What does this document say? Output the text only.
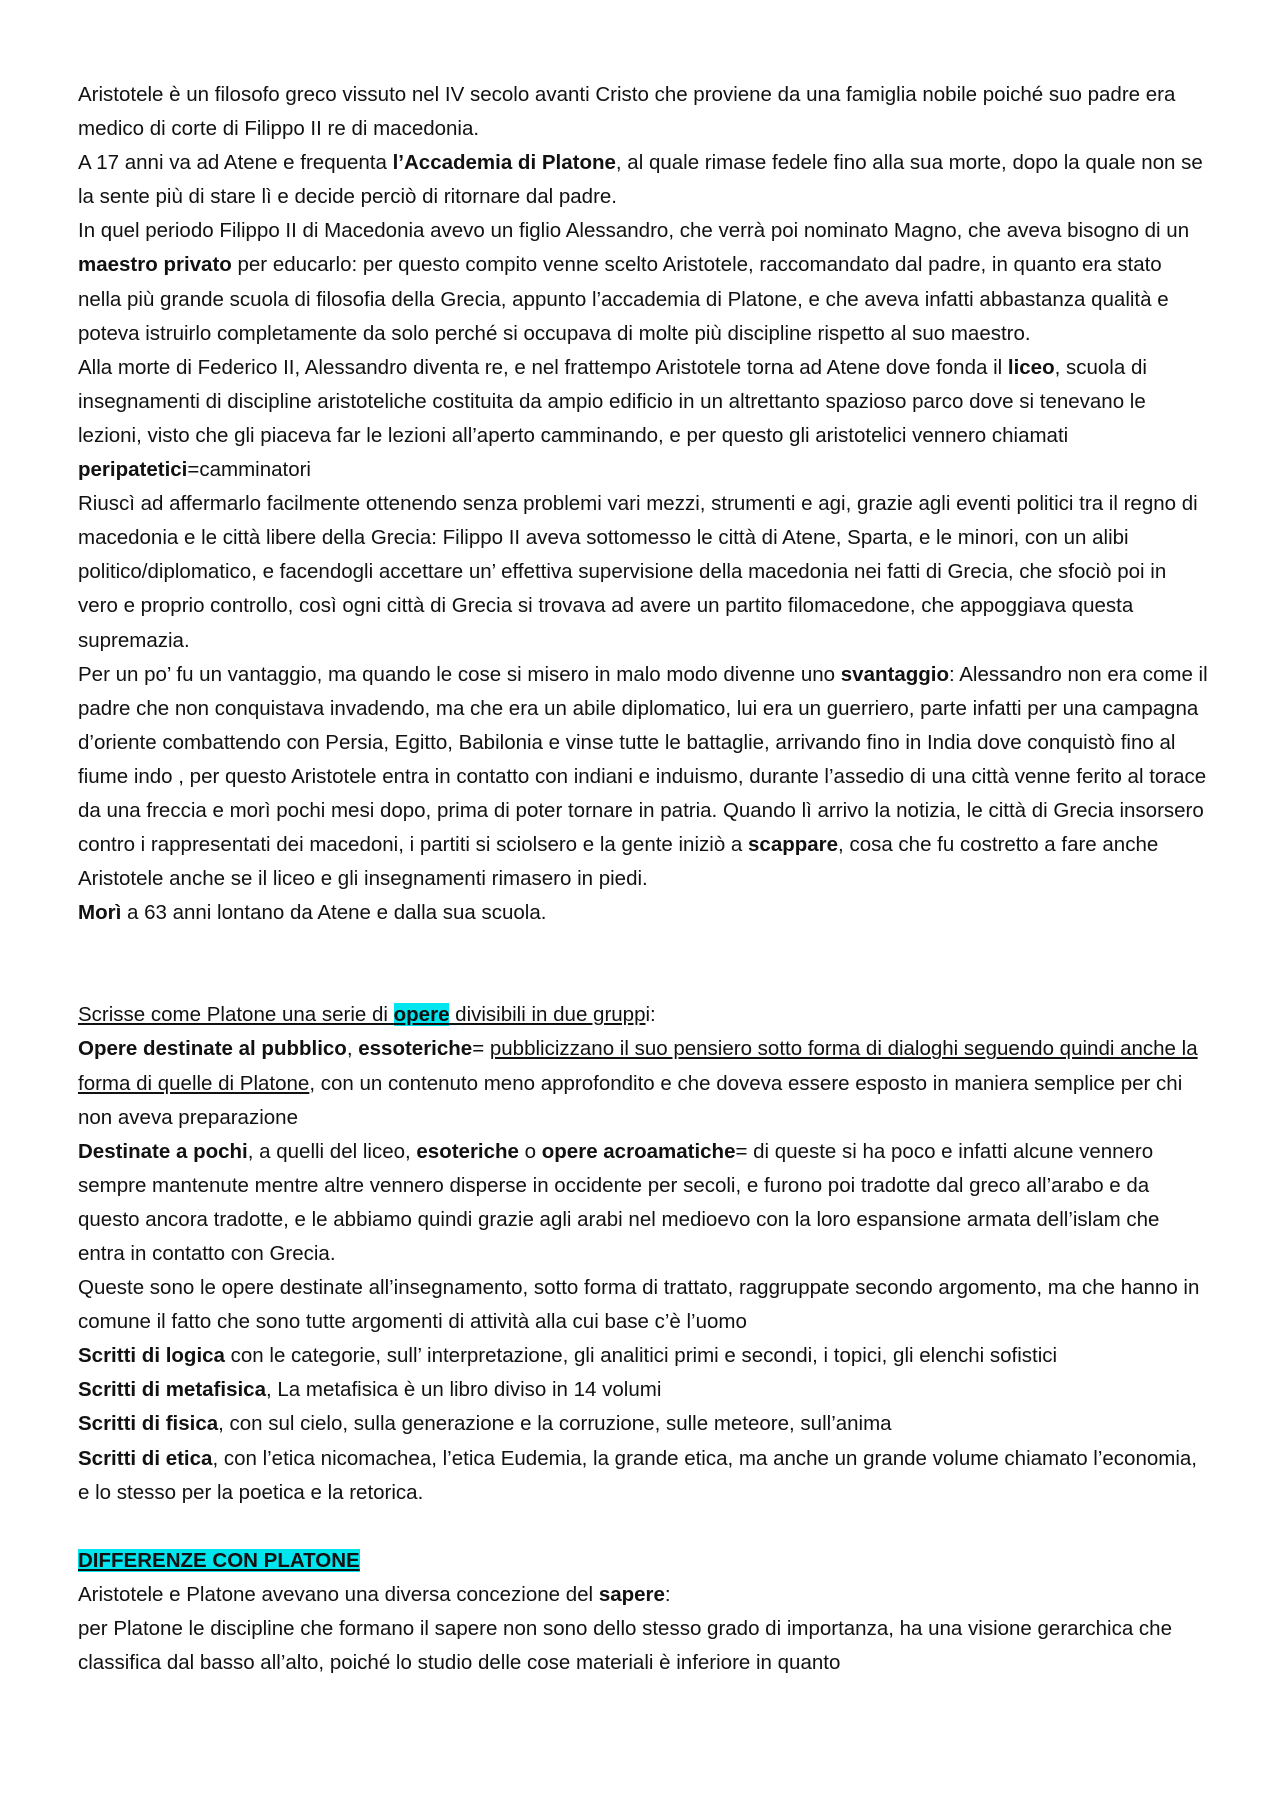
Aristotele è un filosofo greco vissuto nel IV secolo avanti Cristo che proviene da una famiglia nobile poiché suo padre era medico di corte di Filippo II re di macedonia.

A 17 anni va ad Atene e frequenta l’Accademia di Platone, al quale rimase fedele fino alla sua morte, dopo la quale non se la sente più di stare lì e decide perciò di ritornare dal padre.

In quel periodo Filippo II di Macedonia avevo un figlio Alessandro, che verrà poi nominato Magno, che aveva bisogno di un maestro privato per educarlo: per questo compito venne scelto Aristotele, raccomandato dal padre, in quanto era stato nella più grande scuola di filosofia della Grecia, appunto l’accademia di Platone, e che aveva infatti abbastanza qualità e poteva istruirlo completamente da solo perché si occupava di molte più discipline rispetto al suo maestro.

Alla morte di Federico II, Alessandro diventa re, e nel frattempo Aristotele torna ad Atene dove fonda il liceo, scuola di insegnamenti di discipline aristoteliche costituita da ampio edificio in un altrettanto spazioso parco dove si tenevano le lezioni, visto che gli piaceva far le lezioni all’aperto camminando, e per questo gli aristotelici vennero chiamati peripatetici=camminatori

Riuscì ad affermarlo facilmente ottenendo senza problemi vari mezzi, strumenti e agi, grazie agli eventi politici tra il regno di macedonia e le città libere della Grecia: Filippo II aveva sottomesso le città di Atene, Sparta, e le minori, con un alibi politico/diplomatico, e facendogli accettare un’ effettiva supervisione della macedonia nei fatti di Grecia, che sfociò poi in vero e proprio controllo, così ogni città di Grecia si trovava ad avere un partito filomacedone, che appoggiava questa supremazia.

Per un po’ fu un vantaggio, ma quando le cose si misero in malo modo divenne uno svantaggio: Alessandro non era come il padre che non conquistava invadendo, ma che era un abile diplomatico, lui era un guerriero, parte infatti per una campagna d’oriente combattendo con Persia, Egitto, Babilonia e vinse tutte le battaglie, arrivando fino in India dove conquistò fino al fiume indo , per questo Aristotele entra in contatto con indiani e induismo, durante l’assedio di una città venne ferito al torace da una freccia e morì pochi mesi dopo, prima di poter tornare in patria. Quando lì arrivo la notizia, le città di Grecia insorsero contro i rappresentati dei macedoni, i partiti si sciolsero e la gente iniziò a scappare, cosa che fu costretto a fare anche Aristotele anche se il liceo e gli insegnamenti rimasero in piedi.

Morì a 63 anni lontano da Atene e dalla sua scuola.

Scrisse come Platone una serie di opere divisibili in due gruppi:

Opere destinate al pubblico, essoteriche= pubblicizzano il suo pensiero sotto forma di dialoghi seguendo quindi anche la forma di quelle di Platone, con un contenuto meno approfondito e che doveva essere esposto in maniera semplice per chi non aveva preparazione

Destinate a pochi, a quelli del liceo, esoteriche o opere acroamatiche= di queste si ha poco e infatti alcune vennero sempre mantenute mentre altre vennero disperse in occidente per secoli, e furono poi tradotte dal greco all’arabo e da questo ancora tradotte, e le abbiamo quindi grazie agli arabi nel medioevo con la loro espansione armata dell’islam che entra in contatto con Grecia.

Queste sono le opere destinate all’insegnamento, sotto forma di trattato, raggruppate secondo argomento, ma che hanno in comune il fatto che sono tutte argomenti di attività alla cui base c’è l’uomo

Scritti di logica con le categorie, sull’ interpretazione, gli analitici primi e secondi, i topici, gli elenchi sofistici

Scritti di metafisica, La metafisica è un libro diviso in 14 volumi

Scritti di fisica, con sul cielo, sulla generazione e la corruzione, sulle meteore, sull’anima

Scritti di etica, con l’etica nicomachea, l’etica Eudemia, la grande etica, ma anche un grande volume chiamato l’economia, e lo stesso per la poetica e la retorica.

DIFFERENZE CON PLATONE

Aristotele e Platone avevano una diversa concezione del sapere:

per Platone le discipline che formano il sapere non sono dello stesso grado di importanza, ha una visione gerarchica che classifica dal basso all’alto, poiché lo studio delle cose materiali è inferiore in quanto
